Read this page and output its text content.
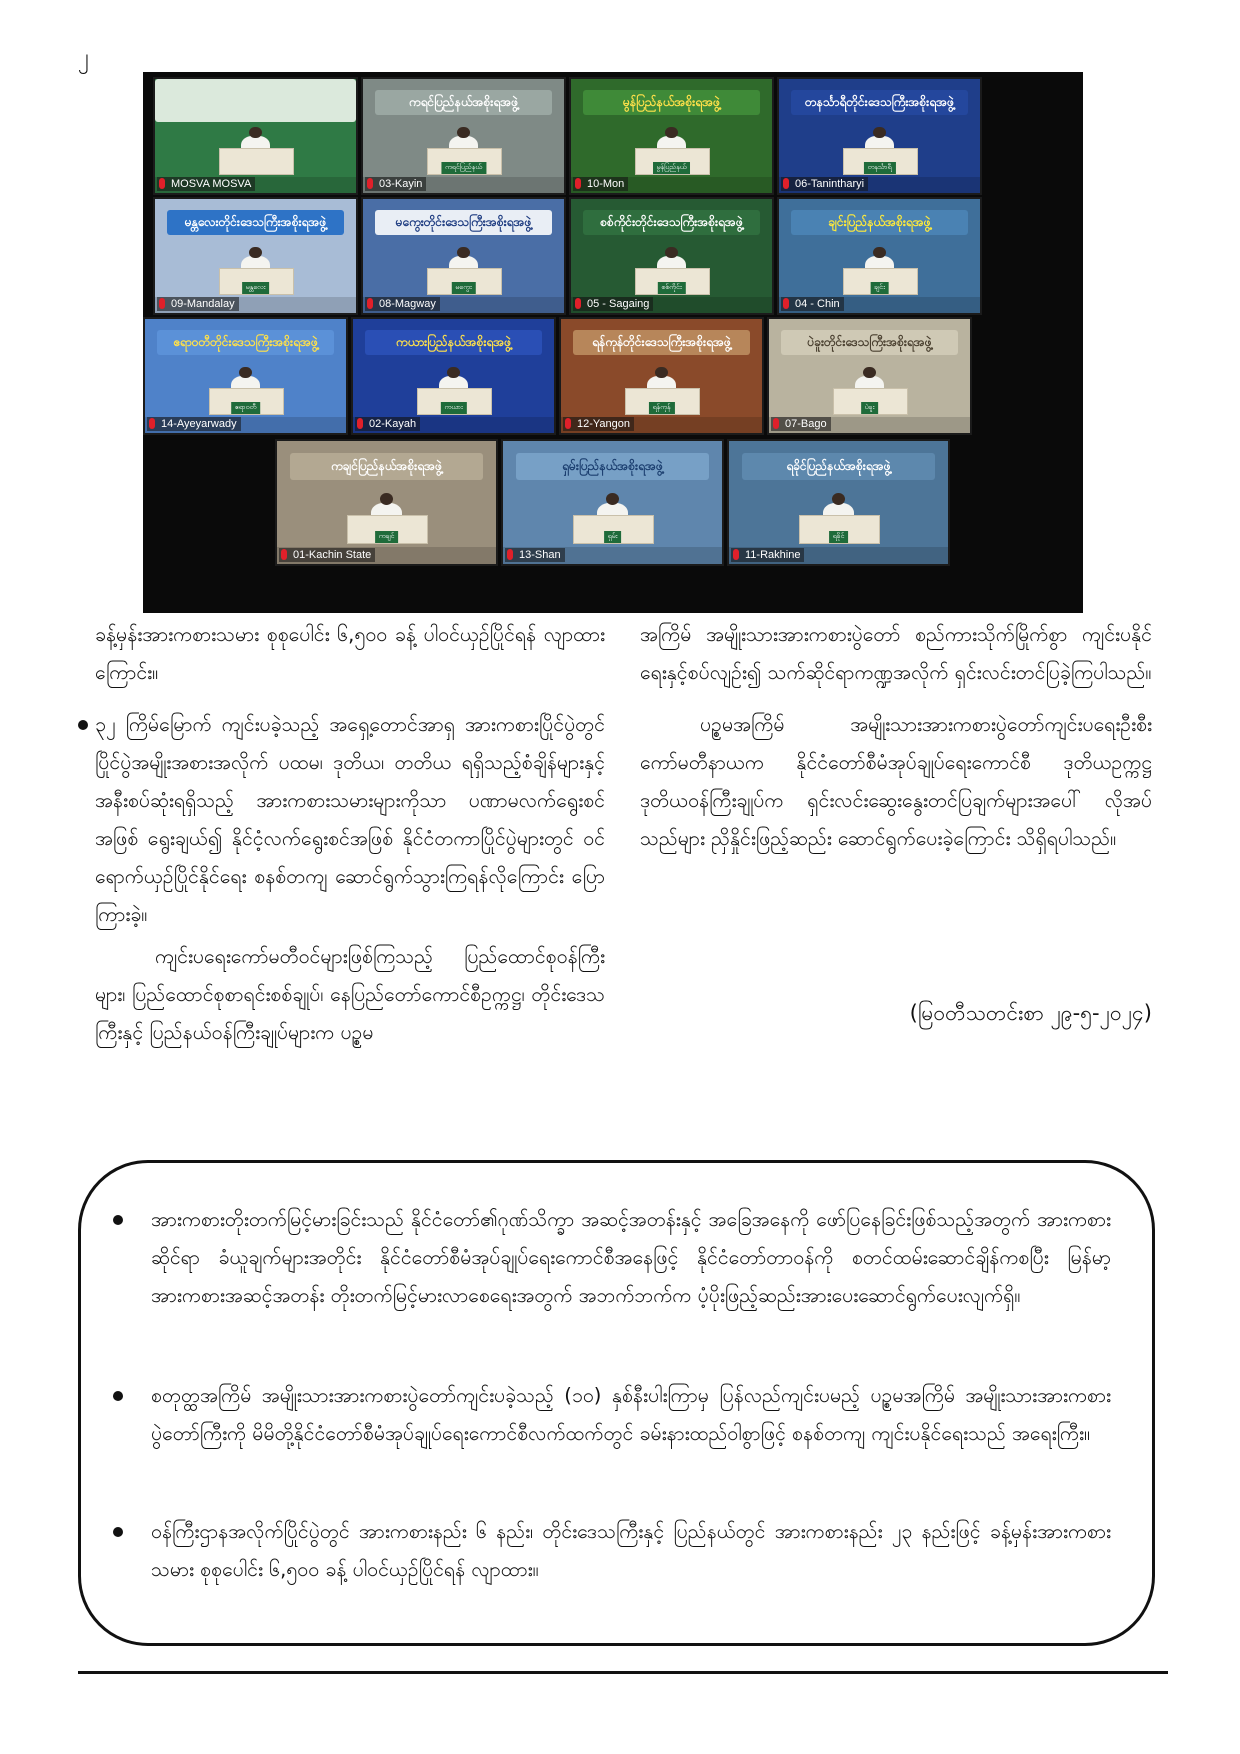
၂
MOSVA MOSVA
ကရင်ပြည်နယ်အစိုးရအဖွဲ့
ကရင်ပြည်နယ်
03-Kayin
မွန်ပြည်နယ်အစိုးရအဖွဲ့
မွန်ပြည်နယ်
10-Mon
တနင်္သာရီတိုင်းဒေသကြီးအစိုးရအဖွဲ့
တနင်္သာရီ
06-Tanintharyi
မန္တလေးတိုင်းဒေသကြီးအစိုးရအဖွဲ့
မန္တလေး
09-Mandalay
မကွေးတိုင်းဒေသကြီးအစိုးရအဖွဲ့
မကွေး
08-Magway
စစ်ကိုင်းတိုင်းဒေသကြီးအစိုးရအဖွဲ့
စစ်ကိုင်း
05 - Sagaing
ချင်းပြည်နယ်အစိုးရအဖွဲ့
ချင်း
04 - Chin
ဧရာဝတီတိုင်းဒေသကြီးအစိုးရအဖွဲ့
ဧရာဝတီ
14-Ayeyarwady
ကယားပြည်နယ်အစိုးရအဖွဲ့
ကယား
02-Kayah
ရန်ကုန်တိုင်းဒေသကြီးအစိုးရအဖွဲ့
ရန်ကုန်
12-Yangon
ပဲခူးတိုင်းဒေသကြီးအစိုးရအဖွဲ့
ပဲခူး
07-Bago
ကချင်ပြည်နယ်အစိုးရအဖွဲ့
ကချင်
01-Kachin State
ရှမ်းပြည်နယ်အစိုးရအဖွဲ့
ရှမ်း
13-Shan
ရခိုင်ပြည်နယ်အစိုးရအဖွဲ့
ရခိုင်
11-Rakhine

ခန့်မှန်းအားကစားသမား စုစုပေါင်း ၆,၅၀၀ ခန့် ပါဝင်ယှဉ်ပြိုင်ရန် လျာထားကြောင်း။

၃၂ ကြိမ်မြောက် ကျင်းပခဲ့သည့် အရှေ့တောင်အာရှ အားကစားပြိုင်ပွဲတွင် ပြိုင်ပွဲအမျိုးအစားအလိုက် ပထမ၊ ဒုတိယ၊ တတိယ ရရှိသည့်စံချိန်များနှင့် အနီးစပ်ဆုံးရရှိသည့် အားကစားသမားများကိုသာ ပဏာမလက်ရွေးစင်အဖြစ် ရွေးချယ်၍ နိုင်ငံ့လက်ရွေးစင်အဖြစ် နိုင်ငံတကာပြိုင်ပွဲများတွင် ဝင်ရောက်ယှဉ်ပြိုင်နိုင်ရေး စနစ်တကျ ဆောင်ရွက်သွားကြရန်လိုကြောင်း ပြောကြားခဲ့။

ကျင်းပရေးကော်မတီဝင်များဖြစ်ကြသည့် ပြည်ထောင်စုဝန်ကြီးများ၊ ပြည်ထောင်စုစာရင်းစစ်ချုပ်၊ နေပြည်တော်ကောင်စီဥက္ကဋ္ဌ၊ တိုင်းဒေသကြီးနှင့် ပြည်နယ်ဝန်ကြီးချုပ်များက ပဉ္စမ

အကြိမ် အမျိုးသားအားကစားပွဲတော် စည်ကားသိုက်မြိုက်စွာ ကျင်းပနိုင်ရေးနှင့်စပ်လျဉ်း၍ သက်ဆိုင်ရာကဏ္ဍအလိုက် ရှင်းလင်းတင်ပြခဲ့ကြပါသည်။

ပဉ္စမအကြိမ် အမျိုးသားအားကစားပွဲတော်ကျင်းပရေးဦးစီးကော်မတီနာယက နိုင်ငံတော်စီမံအုပ်ချုပ်ရေးကောင်စီ ဒုတိယဥက္ကဋ္ဌ ဒုတိယဝန်ကြီးချုပ်က ရှင်းလင်းဆွေးနွေးတင်ပြချက်များအပေါ် လိုအပ်သည်များ ညှိနှိုင်းဖြည့်ဆည်း ဆောင်ရွက်ပေးခဲ့ကြောင်း သိရှိရပါသည်။

(မြဝတီသတင်းစာ ၂၉-၅-၂၀၂၄)
အားကစားတိုးတက်မြင့်မားခြင်းသည် နိုင်ငံတော်၏ဂုဏ်သိက္ခာ အဆင့်အတန်းနှင့် အခြေအနေကို ဖော်ပြနေခြင်းဖြစ်သည့်အတွက် အားကစားဆိုင်ရာ ခံယူချက်များအတိုင်း နိုင်ငံတော်စီမံအုပ်ချုပ်ရေးကောင်စီအနေဖြင့် နိုင်ငံတော်တာဝန်ကို စတင်ထမ်းဆောင်ချိန်ကစပြီး မြန်မာ့အားကစားအဆင့်အတန်း တိုးတက်မြင့်မားလာစေရေးအတွက် အဘက်ဘက်က ပံ့ပိုးဖြည့်ဆည်းအားပေးဆောင်ရွက်ပေးလျက်ရှိ။
စတုတ္ထအကြိမ် အမျိုးသားအားကစားပွဲတော်ကျင်းပခဲ့သည့် (၁၀) နှစ်နီးပါးကြာမှ ပြန်လည်ကျင်းပမည့် ပဉ္စမအကြိမ် အမျိုးသားအားကစားပွဲတော်ကြီးကို မိမိတို့နိုင်ငံတော်စီမံအုပ်ချုပ်ရေးကောင်စီလက်ထက်တွင် ခမ်းနားထည်ဝါစွာဖြင့် စနစ်တကျ ကျင်းပနိုင်ရေးသည် အရေးကြီး။
ဝန်ကြီးဌာနအလိုက်ပြိုင်ပွဲတွင် အားကစားနည်း ၆ နည်း၊ တိုင်းဒေသကြီးနှင့် ပြည်နယ်တွင် အားကစားနည်း ၂၃ နည်းဖြင့် ခန့်မှန်းအားကစားသမား စုစုပေါင်း ၆,၅၀၀ ခန့် ပါဝင်ယှဉ်ပြိုင်ရန် လျာထား။
